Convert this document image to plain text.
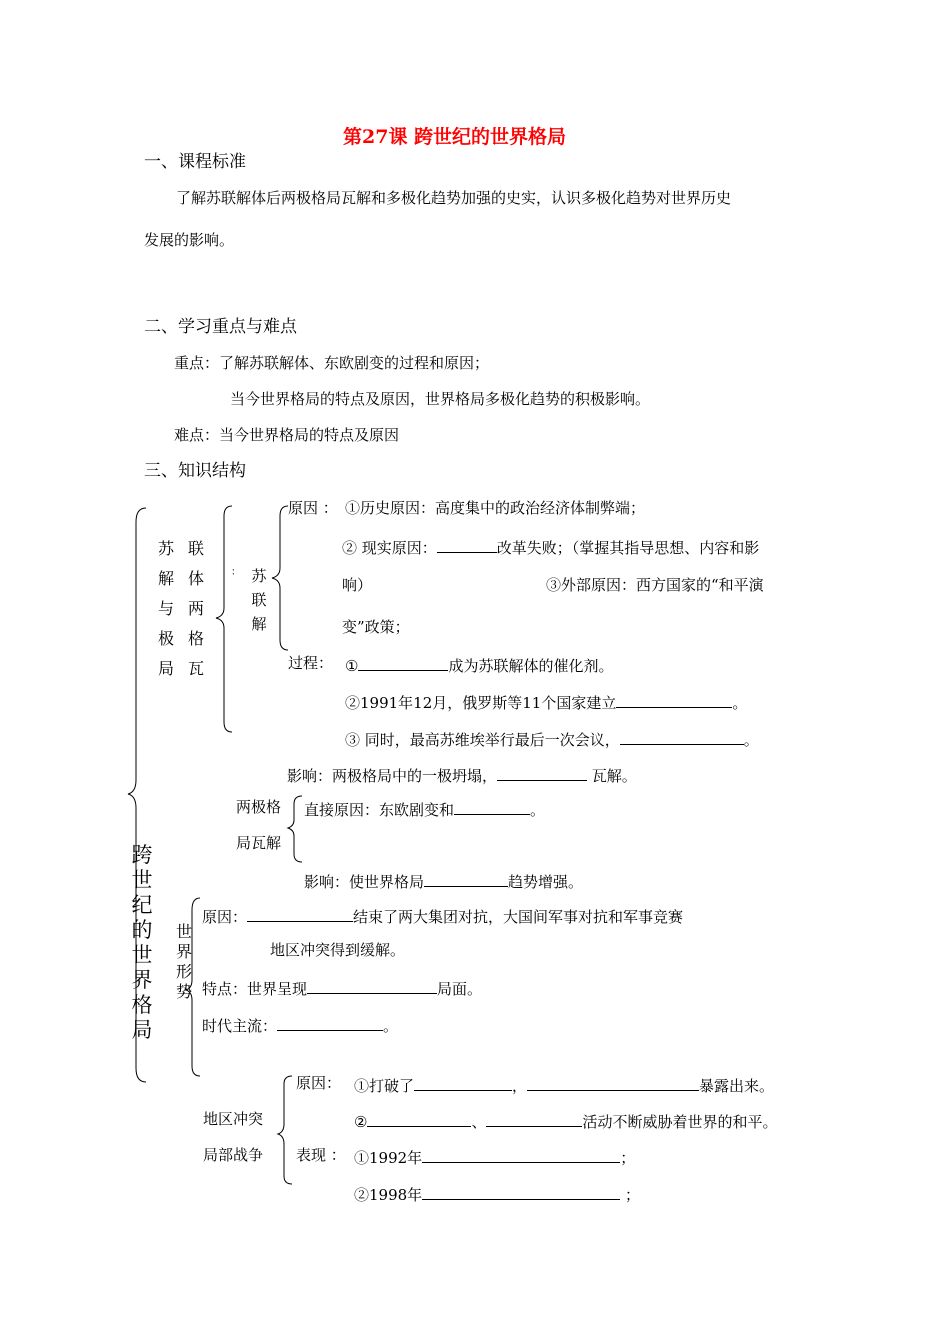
第27课 跨世纪的世界格局
一、课程标准
了解苏联解体后两极格局瓦解和多极化趋势加强的史实，认识多极化趋势对世界历史
发展的影响。
二、学习重点与难点
重点：了解苏联解体、东欧剧变的过程和原因；
当今世界格局的特点及原因，世界格局多极化趋势的积极影响。
难点：当今世界格局的特点及原因
三、知识结构
跨
世
纪
的
世
界
格
局
苏
解
与
极
局
联
体
两
格
瓦
： 苏
联
解
原因 ： ①历史原因：高度集中的政治经济体制弊端；
② 现实原因：	改革失败；（掌握其指导思想、内容和影
响）	③外部原因：西方国家的“和平演
变”政策；
过程： ①	成为苏联解体的催化剂。
②1991年12月，俄罗斯等11个国家建立	。
③ 同时，最高苏维埃举行最后一次会议，	。
影响：两极格局中的一极坍塌，	瓦解。
两极格
局瓦解
直接原因：东欧剧变和	。
影响：使世界格局	趋势增强。
世
界
形
势
原因：	结束了两大集团对抗，大国间军事对抗和军事竞赛
地区冲突得到缓解。
特点：世界呈现	局面。
时代主流：	。
地区冲突
局部战争
原因： ①打破了	，	暴露出来。
②	、	活动不断威胁着世界的和平。
表现 ： ①1992年	；
②1998年	；
